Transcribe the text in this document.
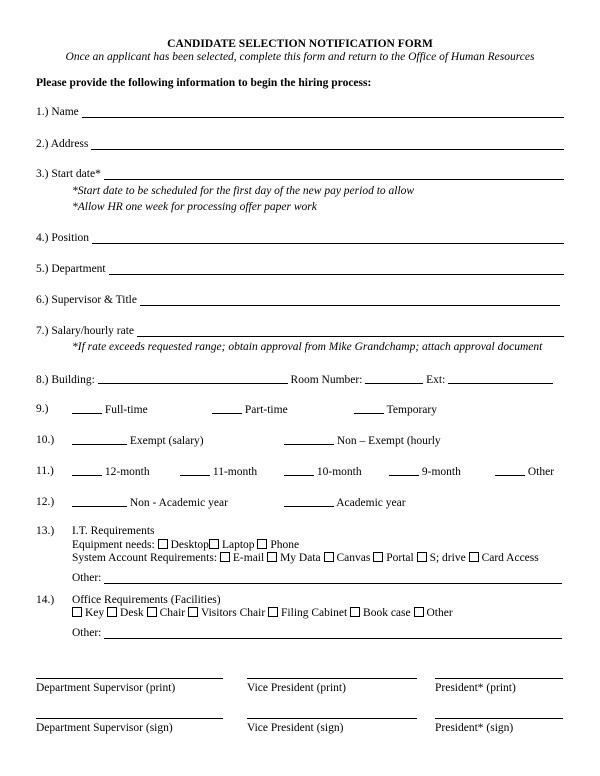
CANDIDATE SELECTION NOTIFICATION FORM
Once an applicant has been selected, complete this form and return to the Office of Human Resources
Please provide the following information to begin the hiring process:
1.) Name
2.) Address
3.) Start date*
*Start date to be scheduled for the first day of the new pay period to allow
*Allow HR one week for processing offer paper work
4.) Position
5.) Department
6.) Supervisor & Title
7.) Salary/hourly rate
*If rate exceeds requested range; obtain approval from Mike Grandchamp; attach approval document
8.) Building:	Room Number:	Ext:
9.)	Full-time	Part-time	Temporary
10.)	Exempt (salary)	Non – Exempt (hourly
11.)	12-month	11-month	10-month	9-month	Other
12.)	Non - Academic year	Academic year
13.) I.T. Requirements
Equipment needs: Desktop Laptop Phone
System Account Requirements: E-mail My Data Canvas Portal S; drive Card Access
Other:
14.) Office Requirements (Facilities)
Key Desk Chair Visitors Chair Filing Cabinet Book case Other
Other:
Department Supervisor (print)	Vice President (print)	President* (print)
Department Supervisor (sign)	Vice President (sign)	President* (sign)
